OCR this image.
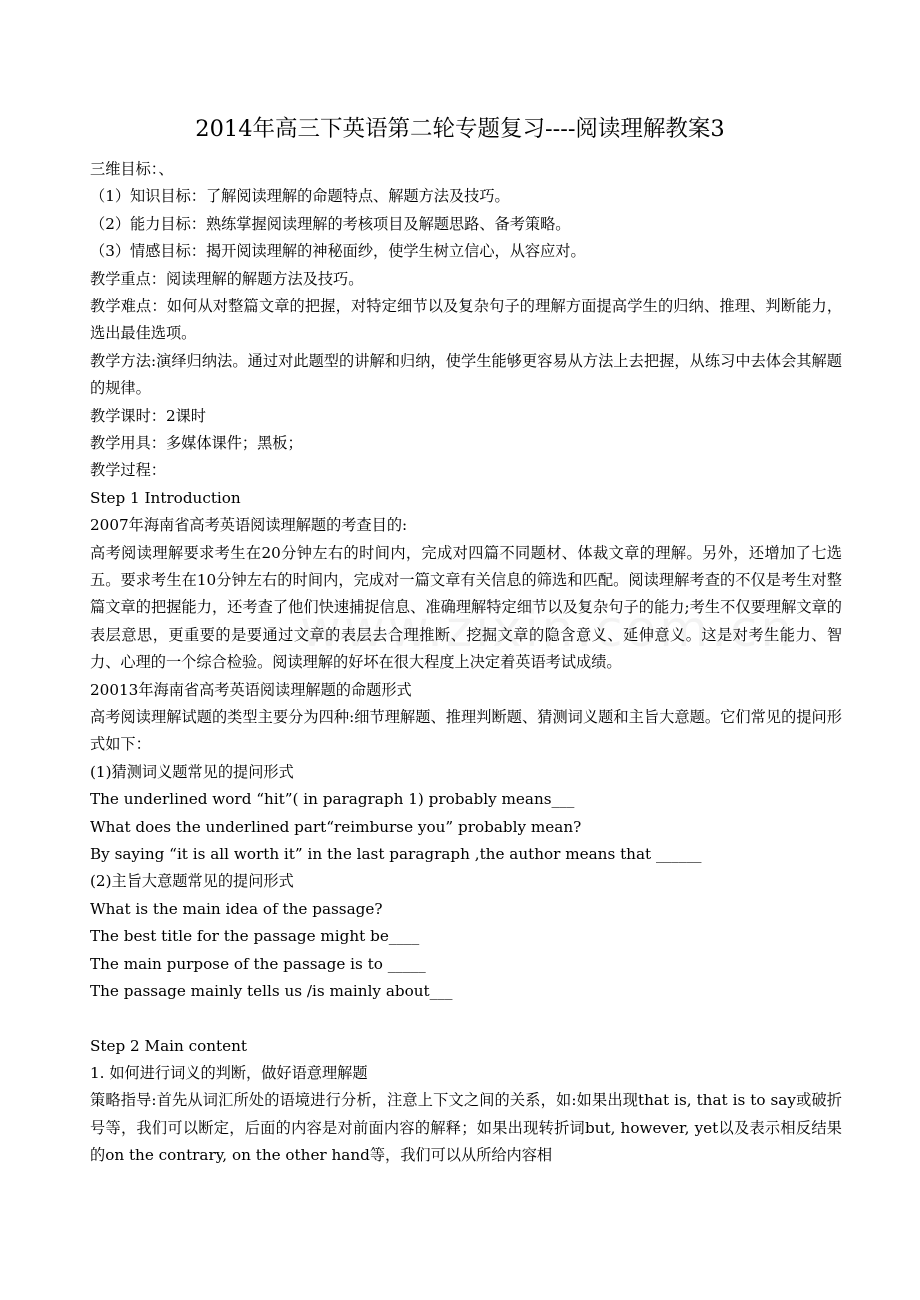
2014年高三下英语第二轮专题复习----阅读理解教案3
三维目标：、
（1）知识目标：了解阅读理解的命题特点、解题方法及技巧。
（2）能力目标：熟练掌握阅读理解的考核项目及解题思路、备考策略。
（3）情感目标：揭开阅读理解的神秘面纱，使学生树立信心，从容应对。
教学重点：阅读理解的解题方法及技巧。
教学难点：如何从对整篇文章的把握，对特定细节以及复杂句子的理解方面提高学生的归纳、推理、判断能力，选出最佳选项。
教学方法:演绎归纳法。通过对此题型的讲解和归纳，使学生能够更容易从方法上去把握，从练习中去体会其解题的规律。
教学课时：2课时
教学用具：多媒体课件；黑板；
教学过程：
Step 1 Introduction
2007年海南省高考英语阅读理解题的考查目的:
高考阅读理解要求考生在20分钟左右的时间内，完成对四篇不同题材、体裁文章的理解。另外，还增加了七选五。要求考生在10分钟左右的时间内，完成对一篇文章有关信息的筛选和匹配。阅读理解考查的不仅是考生对整篇文章的把握能力，还考查了他们快速捕捉信息、准确理解特定细节以及复杂句子的能力;考生不仅要理解文章的表层意思，更重要的是要通过文章的表层去合理推断、挖掘文章的隐含意义、延伸意义。这是对考生能力、智力、心理的一个综合检验。阅读理解的好坏在很大程度上决定着英语考试成绩。
20013年海南省高考英语阅读理解题的命题形式
高考阅读理解试题的类型主要分为四种:细节理解题、推理判断题、猜测词义题和主旨大意题。它们常见的提问形式如下：
(1)猜测词义题常见的提问形式
The underlined word “hit”( in paragraph 1) probably means___
What does the underlined part“reimburse you” probably mean?
By saying “it is all worth it” in the last paragraph ,the author means that ______
(2)主旨大意题常见的提问形式
What is the main idea of the passage?
The best title for the passage might be____
The main purpose of the passage is to _____
The passage mainly tells us /is mainly about___
Step 2 Main content
1. 如何进行词义的判断，做好语意理解题
策略指导:首先从词汇所处的语境进行分析，注意上下文之间的关系，如:如果出现that is, that is to say或破折号等，我们可以断定，后面的内容是对前面内容的解释；如果出现转折词but, however, yet以及表示相反结果的on the contrary, on the other hand等，我们可以从所给内容相
